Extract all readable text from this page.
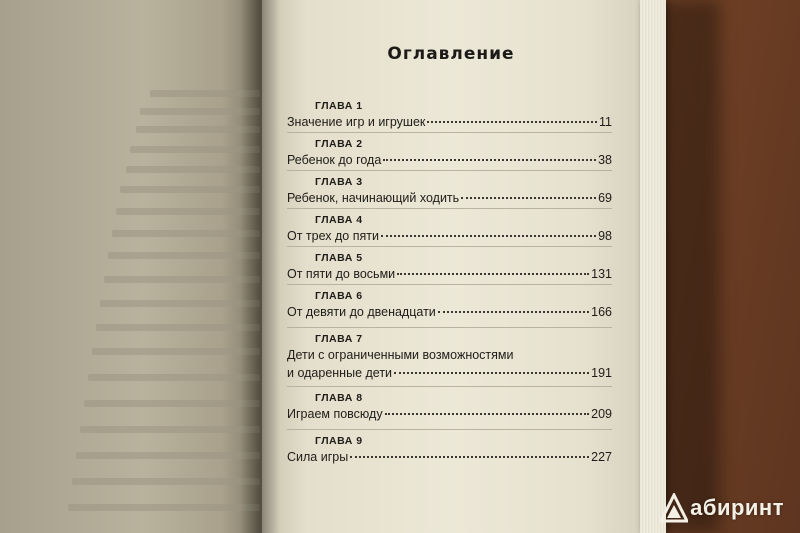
Оглавление
ГЛАВА 1
Значение игр и игрушек	11
ГЛАВА 2
Ребенок до года	38
ГЛАВА 3
Ребенок, начинающий ходить	69
ГЛАВА 4
От трех до пяти	98
ГЛАВА 5
От пяти до восьми	131
ГЛАВА 6
От девяти до двенадцати	166
ГЛАВА 7
Дети с ограниченными возможностями
и одаренные дети	191
ГЛАВА 8
Играем повсюду	209
ГЛАВА 9
Сила игры	227
абиринт
